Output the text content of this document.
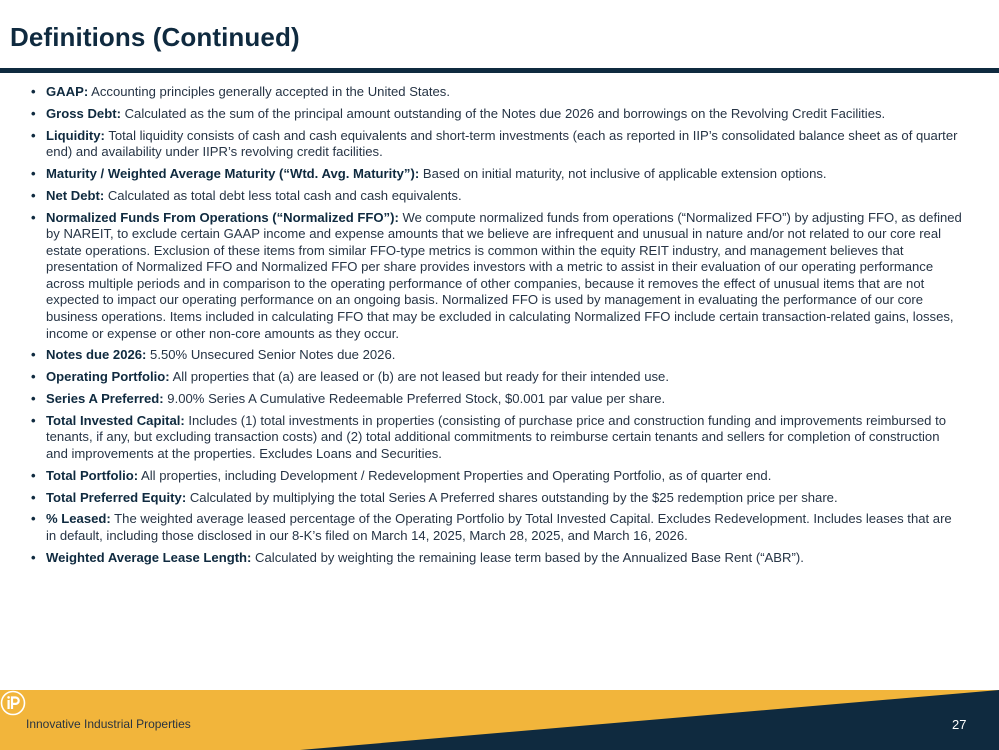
Definitions (Continued)
• GAAP: Accounting principles generally accepted in the United States.
• Gross Debt: Calculated as the sum of the principal amount outstanding of the Notes due 2026 and borrowings on the Revolving Credit Facilities.
• Liquidity: Total liquidity consists of cash and cash equivalents and short-term investments (each as reported in IIP’s consolidated balance sheet as of quarter end) and availability under IIPR’s revolving credit facilities.
• Maturity / Weighted Average Maturity (“Wtd. Avg. Maturity”): Based on initial maturity, not inclusive of applicable extension options.
• Net Debt: Calculated as total debt less total cash and cash equivalents.
• Normalized Funds From Operations (“Normalized FFO”): We compute normalized funds from operations (“Normalized FFO”) by adjusting FFO, as defined by NAREIT, to exclude certain GAAP income and expense amounts that we believe are infrequent and unusual in nature and/or not related to our core real estate operations. Exclusion of these items from similar FFO-type metrics is common within the equity REIT industry, and management believes that presentation of Normalized FFO and Normalized FFO per share provides investors with a metric to assist in their evaluation of our operating performance across multiple periods and in comparison to the operating performance of other companies, because it removes the effect of unusual items that are not expected to impact our operating performance on an ongoing basis. Normalized FFO is used by management in evaluating the performance of our core business operations. Items included in calculating FFO that may be excluded in calculating Normalized FFO include certain transaction-related gains, losses, income or expense or other non-core amounts as they occur.
• Notes due 2026: 5.50% Unsecured Senior Notes due 2026.
• Operating Portfolio: All properties that (a) are leased or (b) are not leased but ready for their intended use.
• Series A Preferred: 9.00% Series A Cumulative Redeemable Preferred Stock, $0.001 par value per share.
• Total Invested Capital: Includes (1) total investments in properties (consisting of purchase price and construction funding and improvements reimbursed to tenants, if any, but excluding transaction costs) and (2) total additional commitments to reimburse certain tenants and sellers for completion of construction and improvements at the properties. Excludes Loans and Securities.
• Total Portfolio: All properties, including Development / Redevelopment Properties and Operating Portfolio, as of quarter end.
• Total Preferred Equity: Calculated by multiplying the total Series A Preferred shares outstanding by the $25 redemption price per share.
• % Leased: The weighted average leased percentage of the Operating Portfolio by Total Invested Capital. Excludes Redevelopment. Includes leases that are in default, including those disclosed in our 8-K’s filed on March 14, 2025, March 28, 2025, and March 16, 2026.
• Weighted Average Lease Length: Calculated by weighting the remaining lease term based by the Annualized Base Rent (“ABR”).
Innovative Industrial Properties	27
